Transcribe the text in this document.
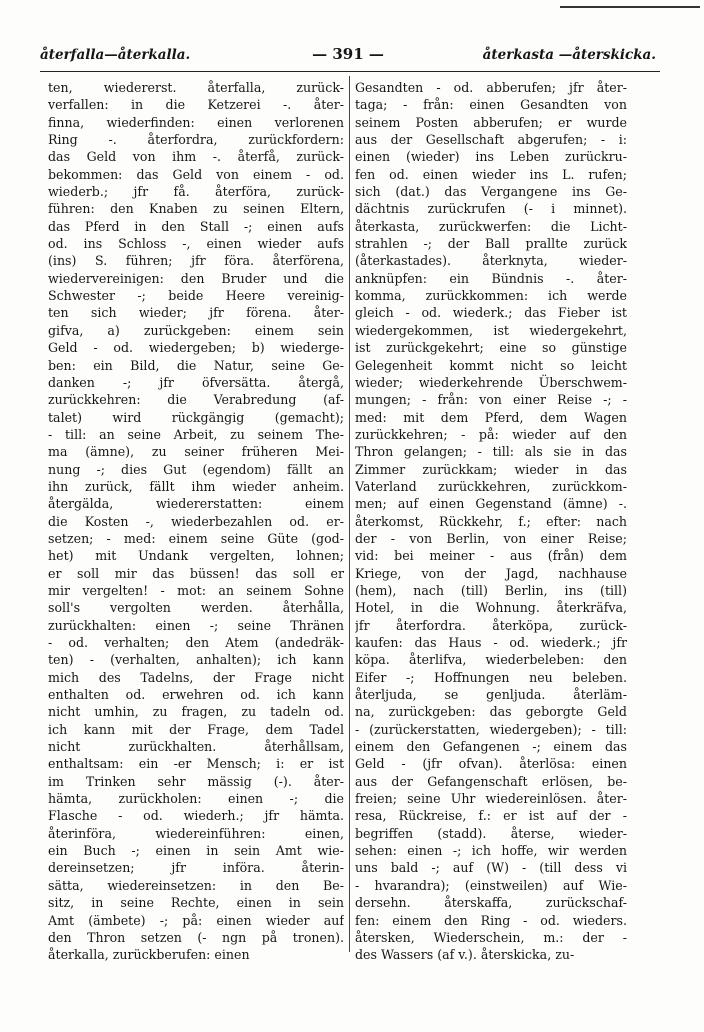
återfalla—återkalla.	— 391 —	återkasta —återskicka.
ten, wiedererst. återfalla, zurück-
verfallen: in die Ketzerei -. åter-
finna, wiederfinden: einen verlorenen
Ring -. återfordra, zurückfordern:
das Geld von ihm -. återfå, zurück-
bekommen: das Geld von einem - od.
wiederb.; jfr få. återföra, zurück-
führen: den Knaben zu seinen Eltern,
das Pferd in den Stall -; einen aufs
od. ins Schloss -, einen wieder aufs
(ins) S. führen; jfr föra. återförena,
wiedervereinigen: den Bruder und die
Schwester -; beide Heere vereinig-
ten sich wieder; jfr förena. åter-
gifva, a) zurückgeben: einem sein
Geld - od. wiedergeben; b) wiederge-
ben: ein Bild, die Natur, seine Ge-
danken -; jfr öfversätta. återgå,
zurückkehren: die Verabredung (af-
talet) wird rückgängig (gemacht);
- till: an seine Arbeit, zu seinem The-
ma (ämne), zu seiner früheren Mei-
nung -; dies Gut (egendom) fällt an
ihn zurück, fällt ihm wieder anheim.
återgälda, wiedererstatten: einem
die Kosten -, wiederbezahlen od. er-
setzen; - med: einem seine Güte (god-
het) mit Undank vergelten, lohnen;
er soll mir das büssen! das soll er
mir vergelten! - mot: an seinem Sohne
soll's vergolten werden. återhålla,
zurückhalten: einen -; seine Thränen
- od. verhalten; den Atem (andedräk-
ten) - (verhalten, anhalten); ich kann
mich des Tadelns, der Frage nicht
enthalten od. erwehren od. ich kann
nicht umhin, zu fragen, zu tadeln od.
ich kann mit der Frage, dem Tadel
nicht zurückhalten. återhållsam,
enthaltsam: ein -er Mensch; i: er ist
im Trinken sehr mässig (-). åter-
hämta, zurückholen: einen -; die
Flasche - od. wiederh.; jfr hämta.
återinföra, wiedereinführen: einen,
ein Buch -; einen in sein Amt wie-
dereinsetzen; jfr införa. återin-
sätta, wiedereinsetzen: in den Be-
sitz, in seine Rechte, einen in sein
Amt (ämbete) -; på: einen wieder auf
den Thron setzen (- ngn på tronen).
återkalla, zurückberufen: einen
Gesandten - od. abberufen; jfr åter-
taga; - från: einen Gesandten von
seinem Posten abberufen; er wurde
aus der Gesellschaft abgerufen; - i:
einen (wieder) ins Leben zurückru-
fen od. einen wieder ins L. rufen;
sich (dat.) das Vergangene ins Ge-
dächtnis zurückrufen (- i minnet).
återkasta, zurückwerfen: die Licht-
strahlen -; der Ball prallte zurück
(återkastades). återknyta, wieder-
anknüpfen: ein Bündnis -. åter-
komma, zurückkommen: ich werde
gleich - od. wiederk.; das Fieber ist
wiedergekommen, ist wiedergekehrt,
ist zurückgekehrt; eine so günstige
Gelegenheit kommt nicht so leicht
wieder; wiederkehrende Überschwem-
mungen; - från: von einer Reise -; -
med: mit dem Pferd, dem Wagen
zurückkehren; - på: wieder auf den
Thron gelangen; - till: als sie in das
Zimmer zurückkam; wieder in das
Vaterland zurückkehren, zurückkom-
men; auf einen Gegenstand (ämne) -.
återkomst, Rückkehr, f.; efter: nach
der - von Berlin, von einer Reise;
vid: bei meiner - aus (från) dem
Kriege, von der Jagd, nachhause
(hem), nach (till) Berlin, ins (till)
Hotel, in die Wohnung. återkräfva,
jfr återfordra. återköpa, zurück-
kaufen: das Haus - od. wiederk.; jfr
köpa. återlifva, wiederbeleben: den
Eifer -; Hoffnungen neu beleben.
återljuda, se genljuda. återläm-
na, zurückgeben: das geborgte Geld
- (zurückerstatten, wiedergeben); - till:
einem den Gefangenen -; einem das
Geld - (jfr ofvan). återlösa: einen
aus der Gefangenschaft erlösen, be-
freien; seine Uhr wiedereinlösen. åter-
resa, Rückreise, f.: er ist auf der -
begriffen (stadd). återse, wieder-
sehen: einen -; ich hoffe, wir werden
uns bald -; auf (W) - (till dess vi
- hvarandra); (einstweilen) auf Wie-
dersehn. återskaffa, zurückschaf-
fen: einem den Ring - od. wieders.
återsken, Wiederschein, m.: der -
des Wassers (af v.). återskicka, zu-
